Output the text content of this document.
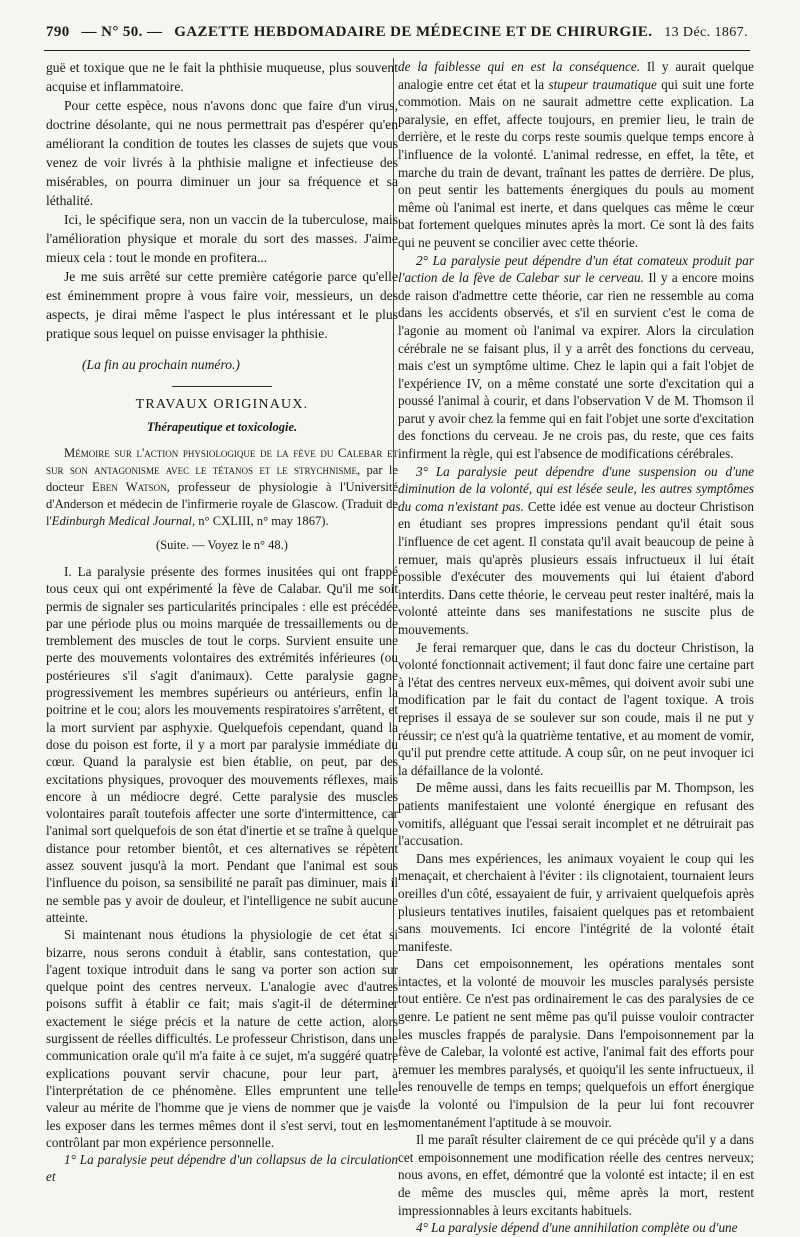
790 — N° 50. — GAZETTE HEBDOMADAIRE DE MÉDECINE ET DE CHIRURGIE. 13 Déc. 1867.

guë et toxique que ne le fait la phthisie muqueuse, plus souvent acquise et inflammatoire.

Pour cette espèce, nous n'avons donc que faire d'un virus, doctrine désolante, qui ne nous permettrait pas d'espérer qu'en améliorant la condition de toutes les classes de sujets que vous venez de voir livrés à la phthisie maligne et infectieuse des misérables, on pourra diminuer un jour sa fréquence et sa léthalité.

Ici, le spécifique sera, non un vaccin de la tuberculose, mais l'amélioration physique et morale du sort des masses. J'aime mieux cela : tout le monde en profitera...

Je me suis arrêté sur cette première catégorie parce qu'elle est éminemment propre à vous faire voir, messieurs, un des aspects, je dirai même l'aspect le plus intéressant et le plus pratique sous lequel on puisse envisager la phthisie.

(La fin au prochain numéro.)

TRAVAUX ORIGINAUX.
Thérapeutique et toxicologie.

Mémoire sur l'action physiologique de la fève du Calebar et sur son antagonisme avec le tétanos et le strychnisme, par le docteur Eben Watson, professeur de physiologie à l'Université d'Anderson et médecin de l'infirmerie royale de Glascow. (Traduit de l'Edinburgh Medical Journal, n° CXLIII, n° may 1867).

(Suite. — Voyez le n° 48.)

I. La paralysie présente des formes inusitées qui ont frappé tous ceux qui ont expérimenté la fève de Calabar. Qu'il me soit permis de signaler ses particularités principales : elle est précédée par une période plus ou moins marquée de tressaillements ou de tremblement des muscles de tout le corps. Survient ensuite une perte des mouvements volontaires des extrémités inférieures (ou postérieures s'il s'agit d'animaux). Cette paralysie gagne progressivement les membres supérieurs ou antérieurs, enfin la poitrine et le cou; alors les mouvements respiratoires s'arrêtent, et la mort survient par asphyxie. Quelquefois cependant, quand la dose du poison est forte, il y a mort par paralysie immédiate du cœur. Quand la paralysie est bien établie, on peut, par des excitations physiques, provoquer des mouvements réflexes, mais encore à un médiocre degré. Cette paralysie des muscles volontaires paraît toutefois affecter une sorte d'intermittence, car l'animal sort quelquefois de son état d'inertie et se traîne à quelque distance pour retomber bientôt, et ces alternatives se répètent assez souvent jusqu'à la mort. Pendant que l'animal est sous l'influence du poison, sa sensibilité ne paraît pas diminuer, mais il ne semble pas y avoir de douleur, et l'intelligence ne subit aucune atteinte.

Si maintenant nous étudions la physiologie de cet état si bizarre, nous serons conduit à établir, sans contestation, que l'agent toxique introduit dans le sang va porter son action sur quelque point des centres nerveux. L'analogie avec d'autres poisons suffit à établir ce fait; mais s'agit-il de déterminer exactement le siége précis et la nature de cette action, alors surgissent de réelles difficultés. Le professeur Christison, dans une communication orale qu'il m'a faite à ce sujet, m'a suggéré quatre explications pouvant servir chacune, pour leur part, à l'interprétation de ce phénomène. Elles empruntent une telle valeur au mérite de l'homme que je viens de nommer que je vais les exposer dans les termes mêmes dont il s'est servi, tout en les contrôlant par mon expérience personnelle.

1° La paralysie peut dépendre d'un collapsus de la circulation et

de la faiblesse qui en est la conséquence. Il y aurait quelque analogie entre cet état et la stupeur traumatique qui suit une forte commotion. Mais on ne saurait admettre cette explication. La paralysie, en effet, affecte toujours, en premier lieu, le train de derrière, et le reste du corps reste soumis quelque temps encore à l'influence de la volonté. L'animal redresse, en effet, la tête, et marche du train de devant, traînant les pattes de derrière. De plus, on peut sentir les battements énergiques du pouls au moment même où l'animal est inerte, et dans quelques cas même le cœur bat fortement quelques minutes après la mort. Ce sont là des faits qui ne peuvent se concilier avec cette théorie.

2° La paralysie peut dépendre d'un état comateux produit par l'action de la fève de Calebar sur le cerveau. Il y a encore moins de raison d'admettre cette théorie, car rien ne ressemble au coma dans les accidents observés, et s'il en survient c'est le coma de l'agonie au moment où l'animal va expirer. Alors la circulation cérébrale ne se faisant plus, il y a arrêt des fonctions du cerveau, mais c'est un symptôme ultime. Chez le lapin qui a fait l'objet de l'expérience IV, on a même constaté une sorte d'excitation qui a poussé l'animal à courir, et dans l'observation V de M. Thomson il parut y avoir chez la femme qui en fait l'objet une sorte d'excitation des fonctions du cerveau. Je ne crois pas, du reste, que ces faits infirment la règle, qui est l'absence de modifications cérébrales.

3° La paralysie peut dépendre d'une suspension ou d'une diminution de la volonté, qui est lésée seule, les autres symptômes du coma n'existant pas. Cette idée est venue au docteur Christison en étudiant ses propres impressions pendant qu'il était sous l'influence de cet agent. Il constata qu'il avait beaucoup de peine à remuer, mais qu'après plusieurs essais infructueux il lui était possible d'exécuter des mouvements qui lui étaient d'abord interdits. Dans cette théorie, le cerveau peut rester inaltéré, mais la volonté atteinte dans ses manifestations ne suscite plus de mouvements.

Je ferai remarquer que, dans le cas du docteur Christison, la volonté fonctionnait activement; il faut donc faire une certaine part à l'état des centres nerveux eux-mêmes, qui doivent avoir subi une modification par le fait du contact de l'agent toxique. A trois reprises il essaya de se soulever sur son coude, mais il ne put y réussir; ce n'est qu'à la quatrième tentative, et au moment de vomir, qu'il put prendre cette attitude. A coup sûr, on ne peut invoquer ici la défaillance de la volonté.

De même aussi, dans les faits recueillis par M. Thompson, les patients manifestaient une volonté énergique en refusant des vomitifs, alléguant que l'essai serait incomplet et ne détruirait pas l'accusation.

Dans mes expériences, les animaux voyaient le coup qui les menaçait, et cherchaient à l'éviter : ils clignotaient, tournaient leurs oreilles d'un côté, essayaient de fuir, y arrivaient quelquefois après plusieurs tentatives inutiles, faisaient quelques pas et retombaient sans mouvements. Ici encore l'intégrité de la volonté était manifeste.

Dans cet empoisonnement, les opérations mentales sont intactes, et la volonté de mouvoir les muscles paralysés persiste tout entière. Ce n'est pas ordinairement le cas des paralysies de ce genre. Le patient ne sent même pas qu'il puisse vouloir contracter les muscles frappés de paralysie. Dans l'empoisonnement par la fève de Calebar, la volonté est active, l'animal fait des efforts pour remuer les membres paralysés, et quoiqu'il les sente infructueux, il les renouvelle de temps en temps; quelquefois un effort énergique de la volonté ou l'impulsion de la peur lui font recouvrer momentanément l'aptitude à se mouvoir.

Il me paraît résulter clairement de ce qui précède qu'il y a dans cet empoisonnement une modification réelle des centres nerveux; nous avons, en effet, démontré que la volonté est intacte; il en est de même des muscles qui, même après la mort, restent impressionnables à leurs excitants habituels.

4° La paralysie dépend d'une annihilation complète ou d'une
